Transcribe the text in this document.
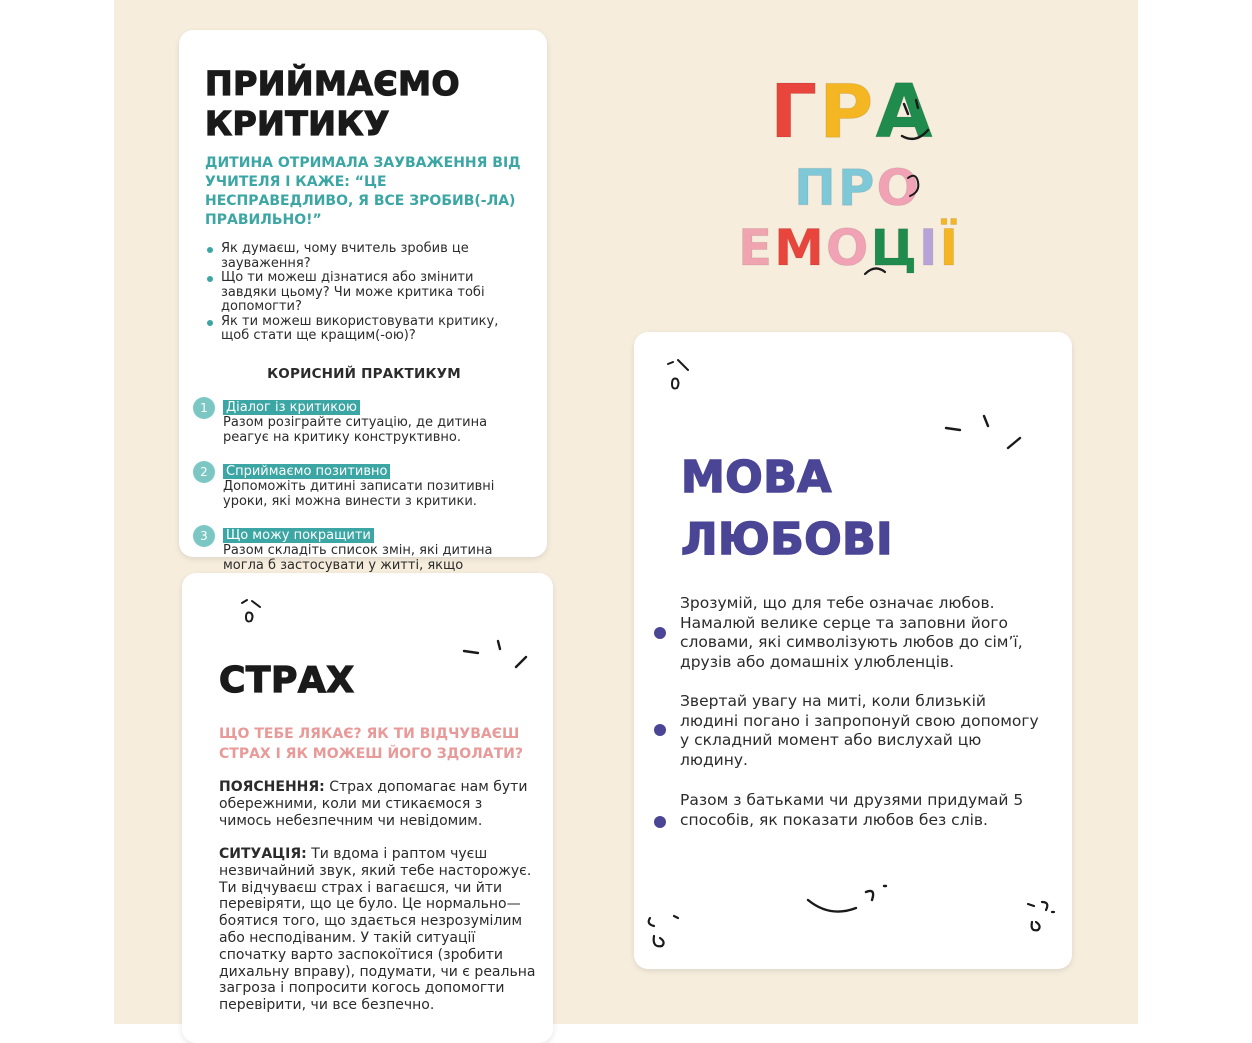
ГРА
ПРО
ЕМОЦІЇ
ПРИЙМАЄМО
КРИТИКУ

ДИТИНА ОТРИМАЛА ЗАУВАЖЕННЯ ВІД УЧИТЕЛЯ І КАЖЕ: “ЦЕ НЕСПРАВЕДЛИВО, Я ВСЕ ЗРОБИВ(-ЛА) ПРАВИЛЬНО!”

Як думаєш, чому вчитель зробив це зауваження?
Що ти можеш дізнатися або змінити завдяки цьому? Чи може критика тобі допомогти?
Як ти можеш використовувати критику, щоб стати ще кращим(-ою)?

КОРИСНИЙ ПРАКТИКУМ

1	Діалог із критикою
Разом розіграйте ситуацію, де дитина реагує на критику конструктивно.
2	Сприймаємо позитивно
Допоможіть дитині записати позитивні уроки, які можна винести з критики.
3	Що можу покращити
Разом складіть список змін, які дитина могла б застосувати у житті, якщо
СТРАХ
ЩО ТЕБЕ ЛЯКАЄ? ЯК ТИ ВІДЧУВАЄШ СТРАХ І ЯК МОЖЕШ ЙОГО ЗДОЛАТИ?
ПОЯСНЕННЯ: Страх допомагає нам бути обережними, коли ми стикаємося з чимось небезпечним чи невідомим.
СИТУАЦІЯ: Ти вдома і раптом чуєш незвичайний звук, який тебе насторожує. Ти відчуваєш страх і вагаєшся, чи йти перевіряти, що це було. Це нормально— боятися того, що здається незрозумілим або несподіваним. У такій ситуації спочатку варто заспокоїтися (зробити дихальну вправу), подумати, чи є реальна загроза і попросити когось допомогти перевірити, чи все безпечно.
МОВА
ЛЮБОВІ
Зрозумій, що для тебе означає любов. Намалюй велике серце та заповни його словами, які символізують любов до сім’ї, друзів або домашніх улюбленців.
Звертай увагу на миті, коли близькій людині погано і запропонуй свою допомогу у складний момент або вислухай цю людину.
Разом з батьками чи друзями придумай 5 способів, як показати любов без слів.
